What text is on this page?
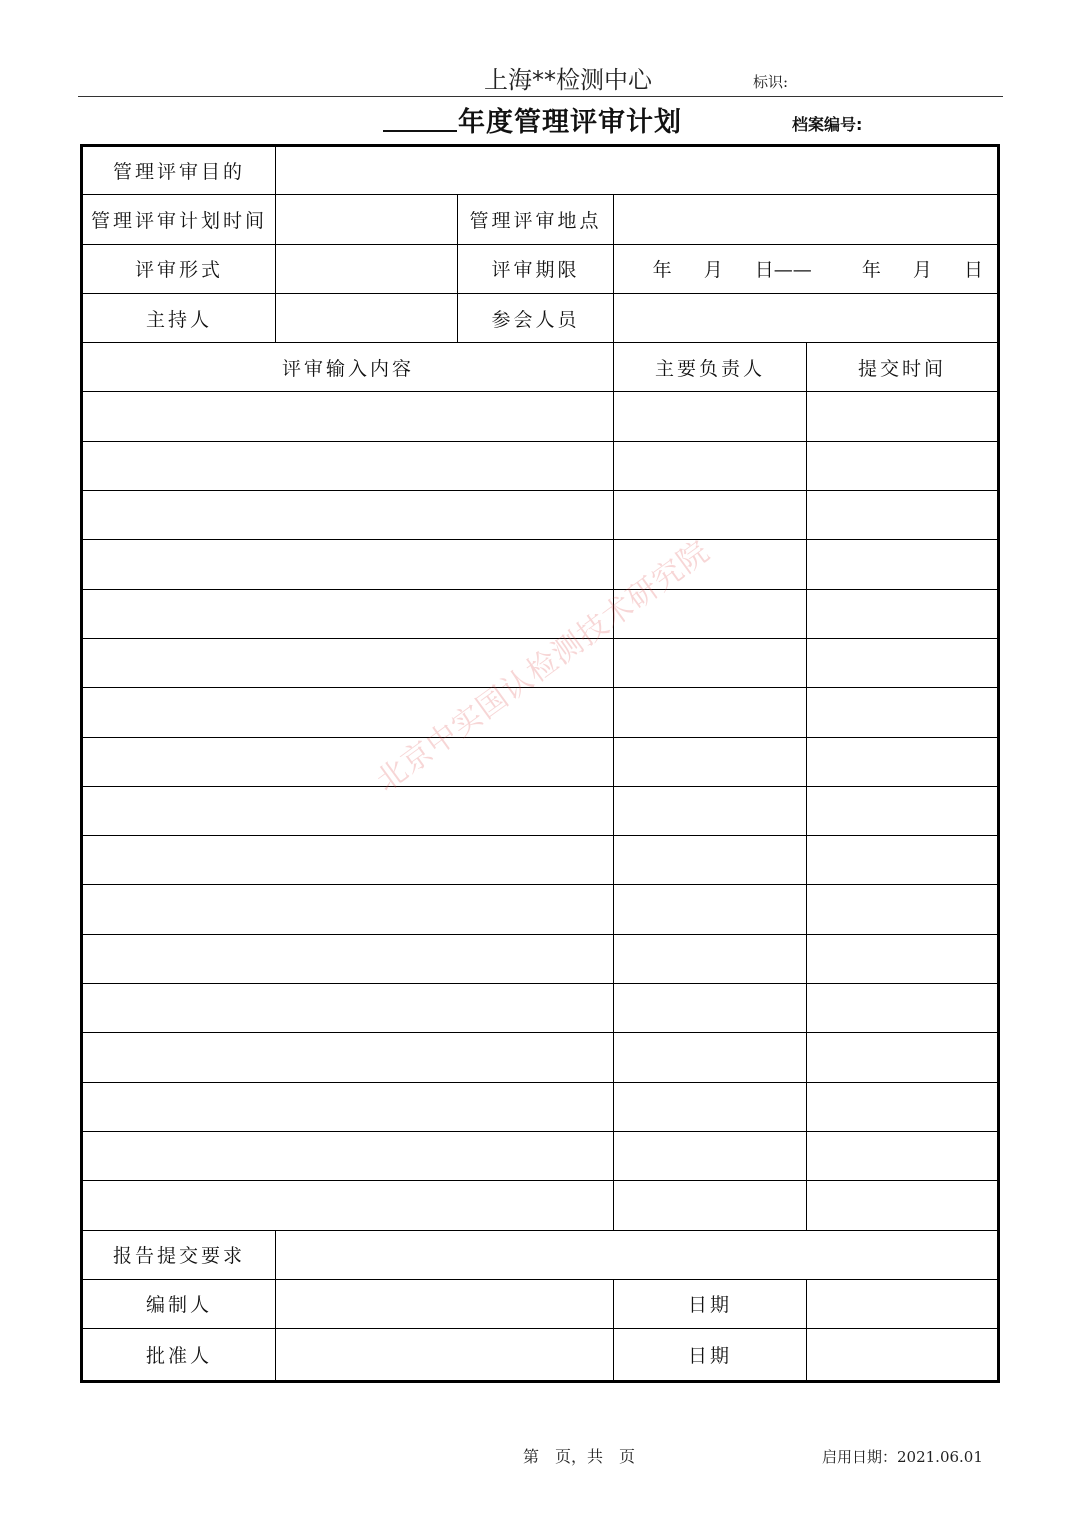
上海**检测中心	标识:
年度管理评审计划	档案编号:
管理评审目的				
管理评审计划时间		管理评审地点		
评审形式		评审期限	年 月 日—— 年 月 日	
主持人		参会人员		
评审输入内容			主要负责人	提交时间

报告提交要求				
编制人			日期	
批准人			日期	
北京中实国认检测技术研究院
第　页，共　页	启用日期：2021.06.01
